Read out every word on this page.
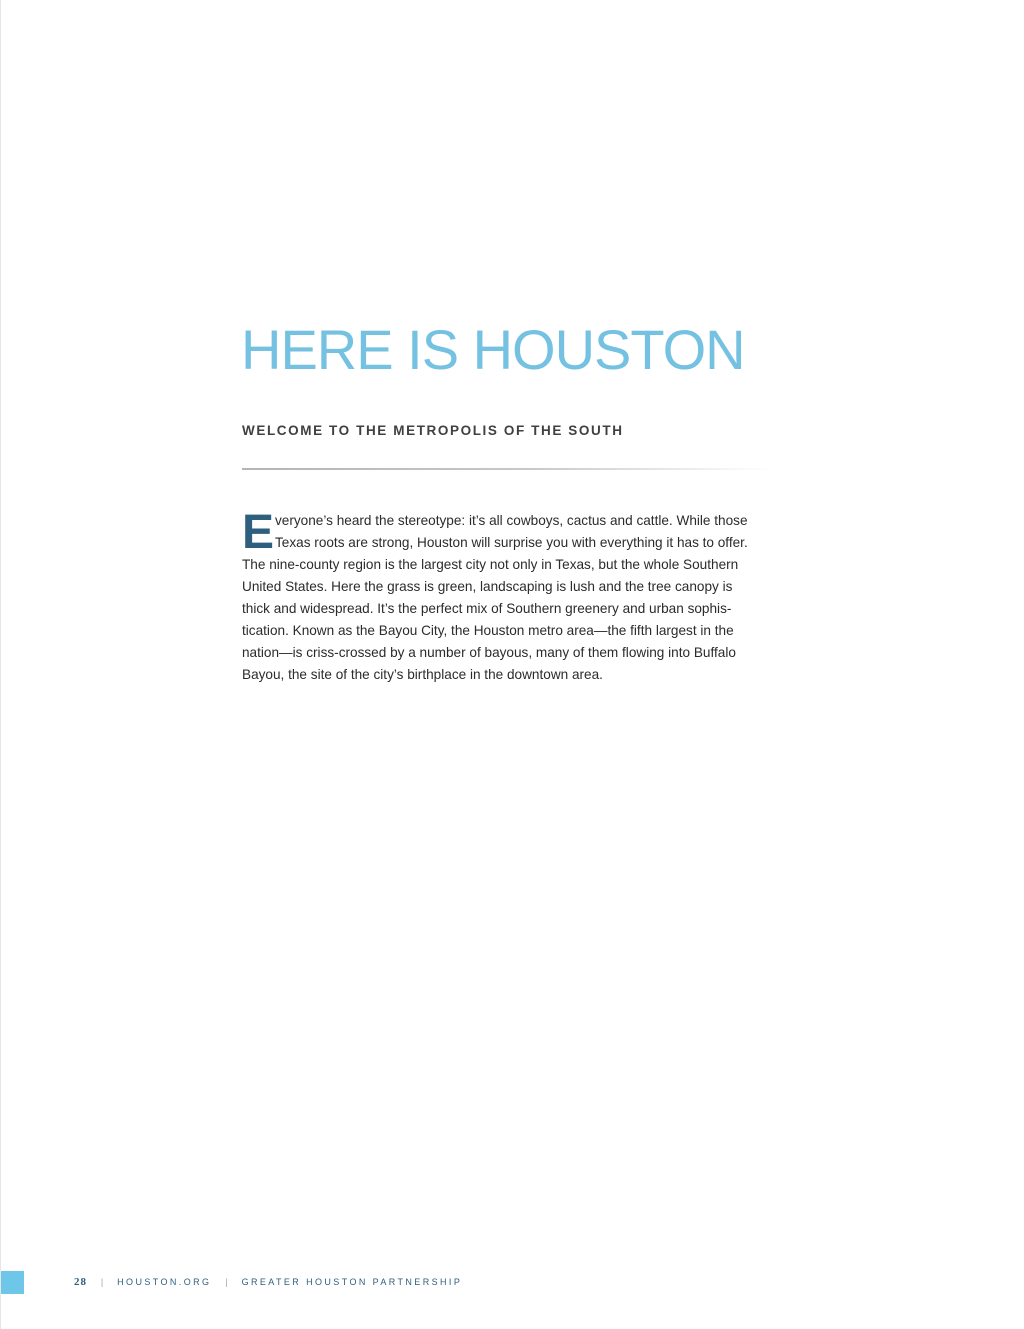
HERE IS HOUSTON
WELCOME TO THE METROPOLIS OF THE SOUTH
E veryone’s heard the stereotype: it’s all cowboys, cactus and cattle. While those
Texas roots are strong, Houston will surprise you with everything it has to offer.
The nine-county region is the largest city not only in Texas, but the whole Southern
United States. Here the grass is green, landscaping is lush and the tree canopy is
thick and widespread. It’s the perfect mix of Southern greenery and urban sophis-
tication. Known as the Bayou City, the Houston metro area—the fifth largest in the
nation—is criss-crossed by a number of bayous, many of them flowing into Buffalo
Bayou, the site of the city’s birthplace in the downtown area.
28 | HOUSTON.ORG | GREATER HOUSTON PARTNERSHIP
